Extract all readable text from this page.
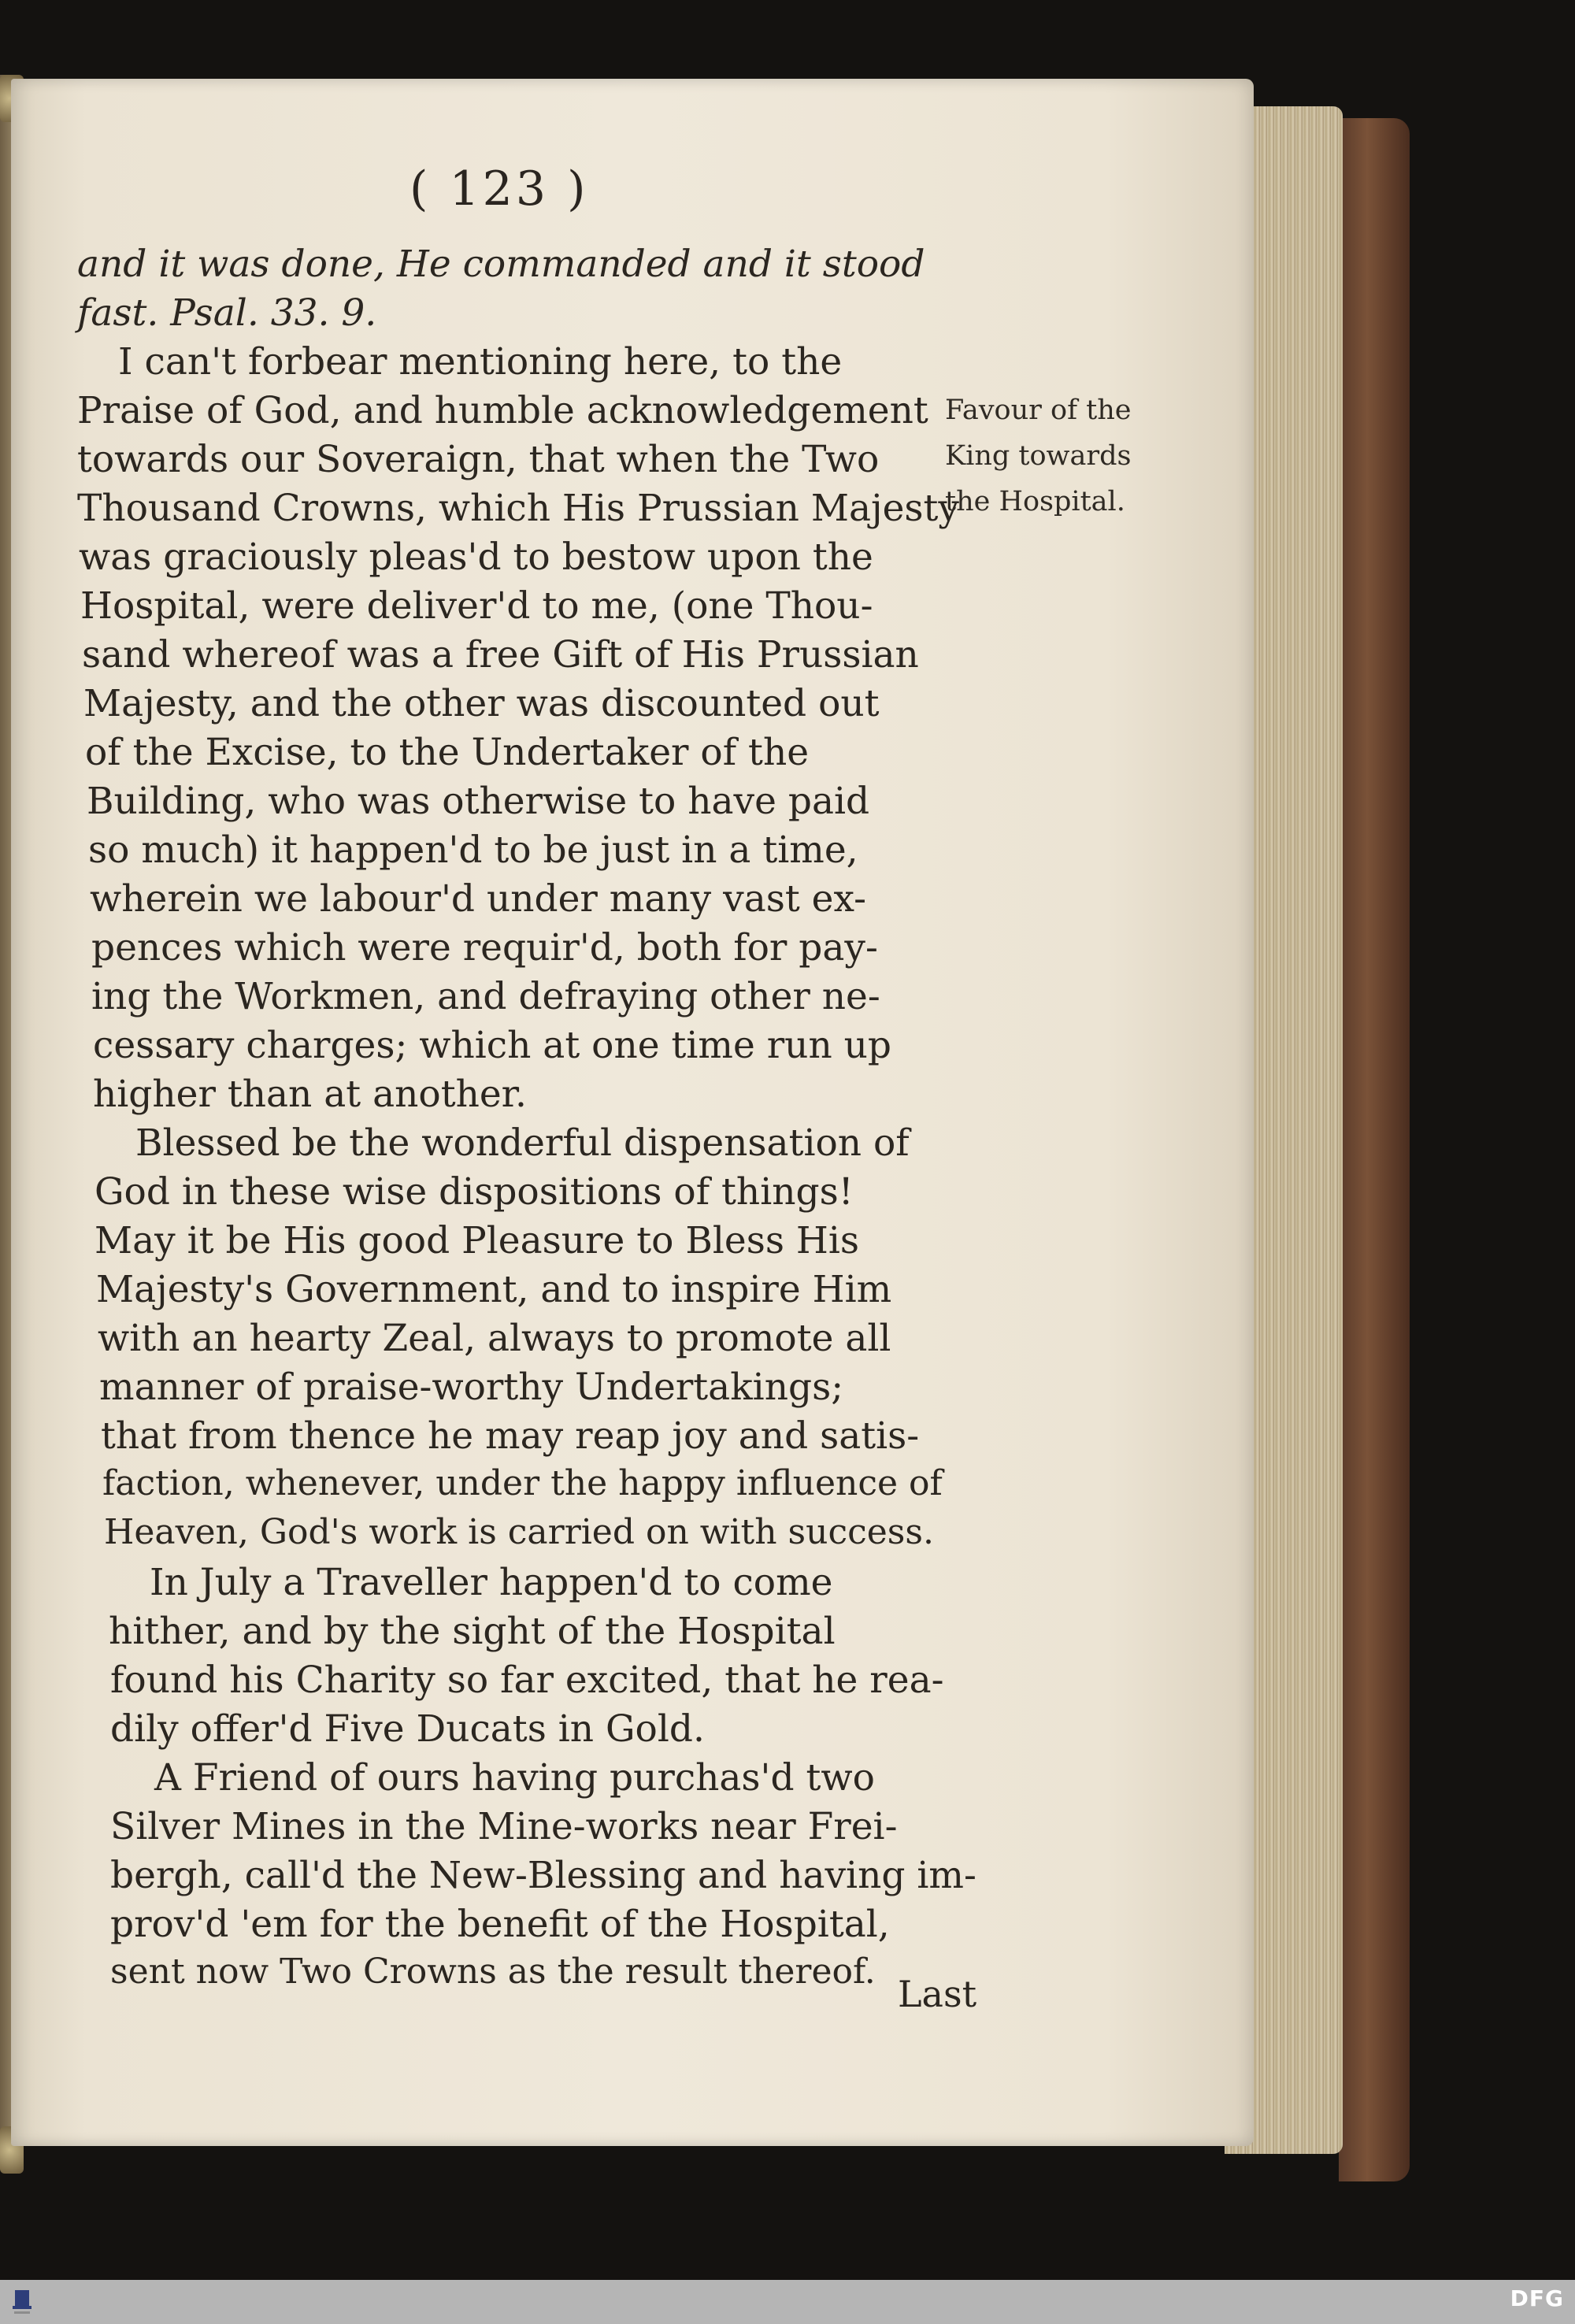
( 123 )
and it was done, He commanded and it stood
fast. Psal. 33. 9.
I can't forbear mentioning here, to the
Praise of God, and humble acknowledgement
towards our Soveraign, that when the Two
Thousand Crowns, which His Prussian Majesty
was graciously pleas'd to bestow upon the
Hospital, were deliver'd to me, (one Thou-
sand whereof was a free Gift of His Prussian
Majesty, and the other was discounted out
of the Excise, to the Undertaker of the
Building, who was otherwise to have paid
so much) it happen'd to be just in a time,
wherein we labour'd under many vast ex-
pences which were requir'd, both for pay-
ing the Workmen, and defraying other ne-
cessary charges; which at one time run up
higher than at another.
Blessed be the wonderful dispensation of
God in these wise dispositions of things!
May it be His good Pleasure to Bless His
Majesty's Government, and to inspire Him
with an hearty Zeal, always to promote all
manner of praise-worthy Undertakings;
that from thence he may reap joy and satis-
faction, whenever, under the happy influence of
Heaven, God's work is carried on with success.
In July a Traveller happen'd to come
hither, and by the sight of the Hospital
found his Charity so far excited, that he rea-
dily offer'd Five Ducats in Gold.
A Friend of ours having purchas'd two
Silver Mines in the Mine-works near Frei-
bergh, call'd the New-Blessing and having im-
prov'd 'em for the benefit of the Hospital,
sent now Two Crowns as the result thereof.
Favour of the
King towards
the Hospital.
Last
DFG
